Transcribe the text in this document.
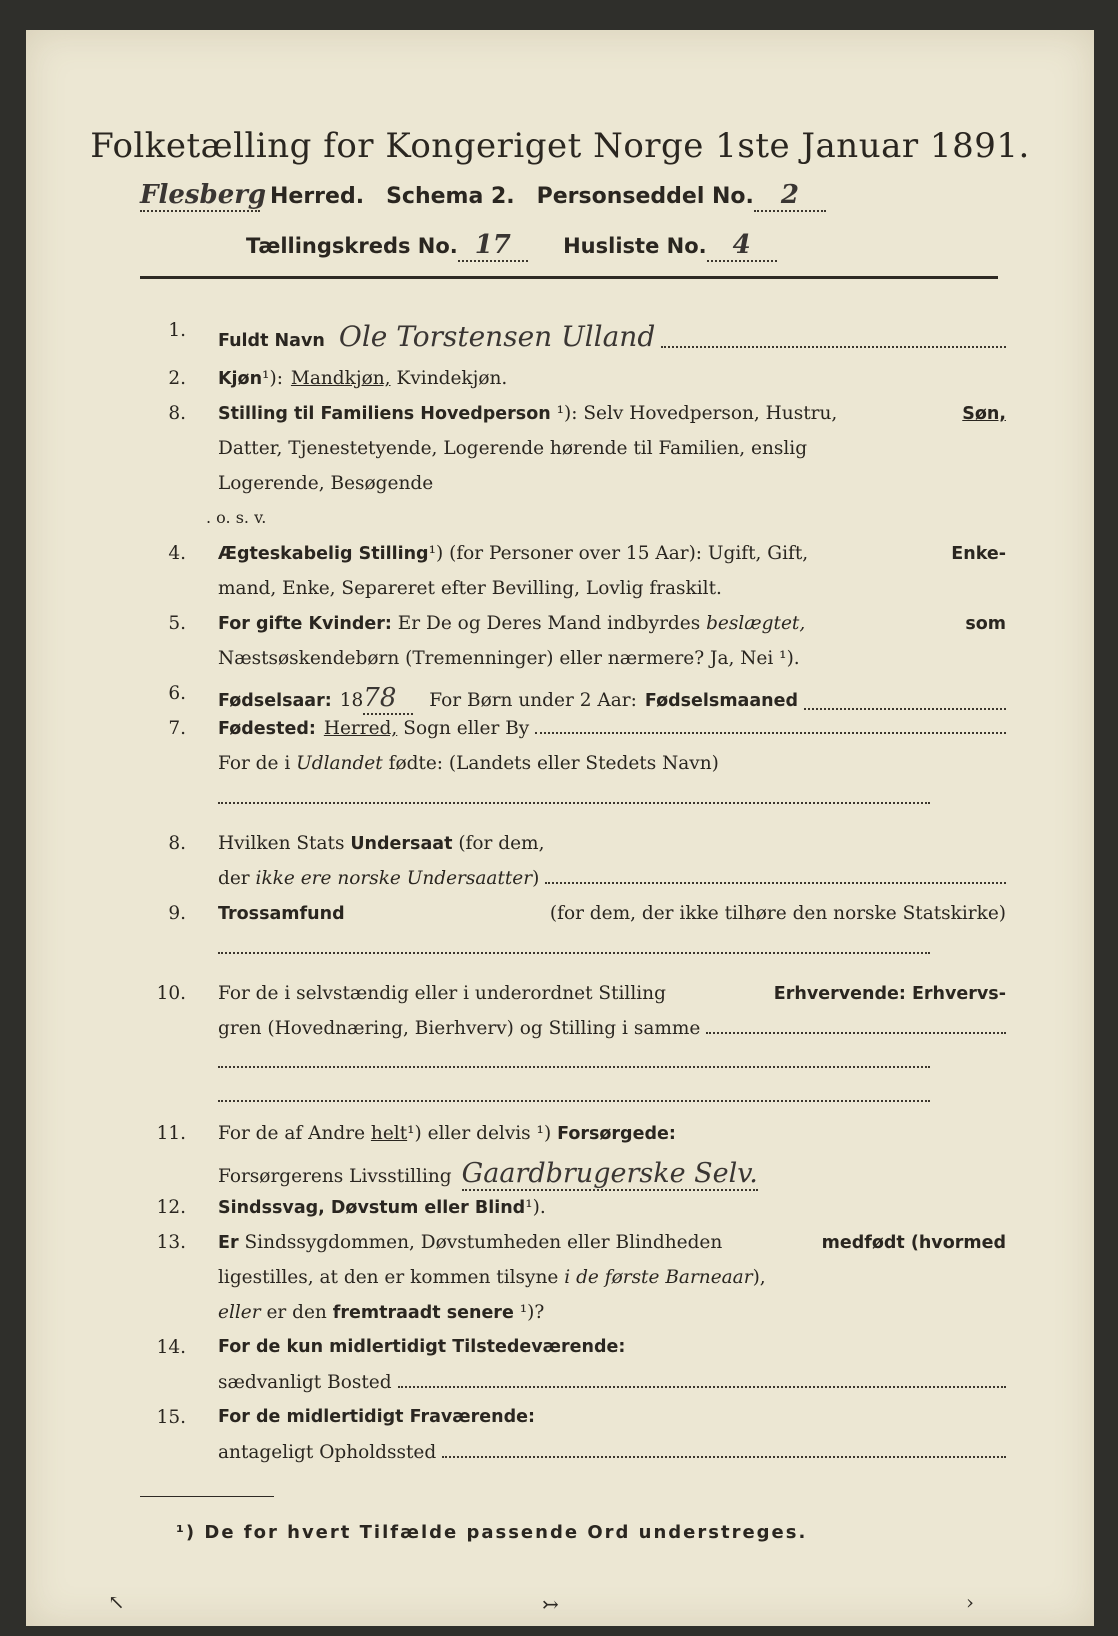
Folketælling for Kongeriget Norge 1ste Januar 1891.
Flesberg Herred. Schema 2. Personseddel No.	2
Tællingskreds No. 17 Husliste No. 4
1. Fuldt Navn Ole Torstensen Ulland
2. Kjøn ¹) : Mandkjøn, Kvindekjøn.
8. Stilling til Familiens Hovedperson ¹): Selv Hovedperson, Hustru,	Søn,
Datter, Tjenestetyende, Logerende hørende til Familien, enslig
Logerende, Besøgende
. o. s. v.
4. Ægteskabelig Stilling¹) (for Personer over 15 Aar): Ugift, Gift,	Enke-
mand, Enke, Separeret efter Bevilling, Lovlig fraskilt.
5. For gifte Kvinder: Er De og Deres Mand indbyrdes beslægtet,	som
Næstsøskendebørn (Tremenninger) eller nærmere? Ja, Nei ¹).
6. Fødselsaar: 18 78	For Børn under 2 Aar: Fødselsmaaned
7. Fødested: Herred, Sogn eller By
For de i
Udlandet
fødte: (Landets eller Stedets Navn)
8. Hvilken Stats
Undersaat
(for dem,
der
ikke ere norske Undersaatter )
9. Trossamfund	(for dem, der ikke tilhøre den norske Statskirke)
10. For de i selvstændig eller i underordnet Stilling	Erhvervende: Erhvervs-
gren (Hovednæring, Bierhverv) og Stilling i samme
11. For de af Andre
helt ¹) eller delvis ¹)
Forsørgede:
Forsørgerens Livsstilling Gaardbrugerske Selv.
12. Sindssvag, Døvstum eller Blind ¹).
13. Er Sindssygdommen, Døvstumheden eller Blindheden	medfødt (hvormed
ligestilles, at den er kommen tilsyne
i de første Barneaar ),
eller
er den
fremtraadt senere
¹)?
14. For de kun midlertidigt Tilstedeværende:
sædvanligt Bosted
15. For de midlertidigt Fraværende:
antageligt Opholdssted
¹) De for hvert Tilfælde passende Ord understreges.
↖	↣	›
